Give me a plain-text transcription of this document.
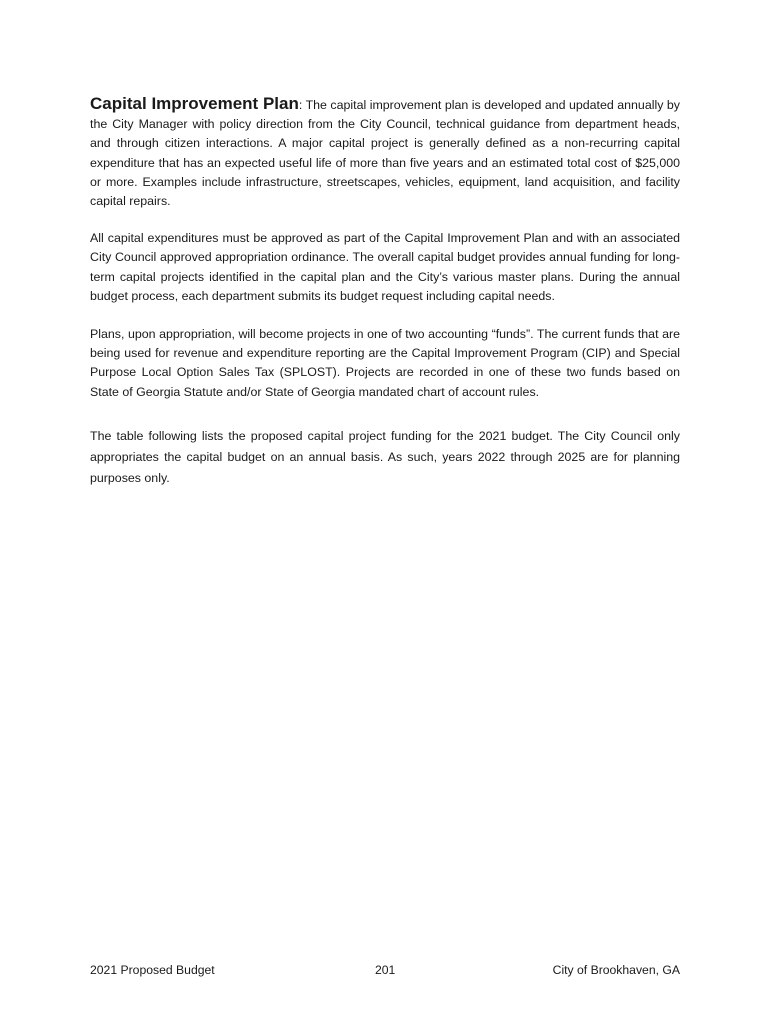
Capital Improvement Plan: The capital improvement plan is developed and updated annually by the City Manager with policy direction from the City Council, technical guidance from department heads, and through citizen interactions. A major capital project is generally defined as a non-recurring capital expenditure that has an expected useful life of more than five years and an estimated total cost of $25,000 or more. Examples include infrastructure, streetscapes, vehicles, equipment, land acquisition, and facility capital repairs.

All capital expenditures must be approved as part of the Capital Improvement Plan and with an associated City Council approved appropriation ordinance. The overall capital budget provides annual funding for long-term capital projects identified in the capital plan and the City’s various master plans. During the annual budget process, each department submits its budget request including capital needs.

Plans, upon appropriation, will become projects in one of two accounting “funds”. The current funds that are being used for revenue and expenditure reporting are the Capital Improvement Program (CIP) and Special Purpose Local Option Sales Tax (SPLOST). Projects are recorded in one of these two funds based on State of Georgia Statute and/or State of Georgia mandated chart of account rules.

The table following lists the proposed capital project funding for the 2021 budget. The City Council only appropriates the capital budget on an annual basis. As such, years 2022 through 2025 are for planning purposes only.

2021 Proposed Budget	201	City of Brookhaven, GA
